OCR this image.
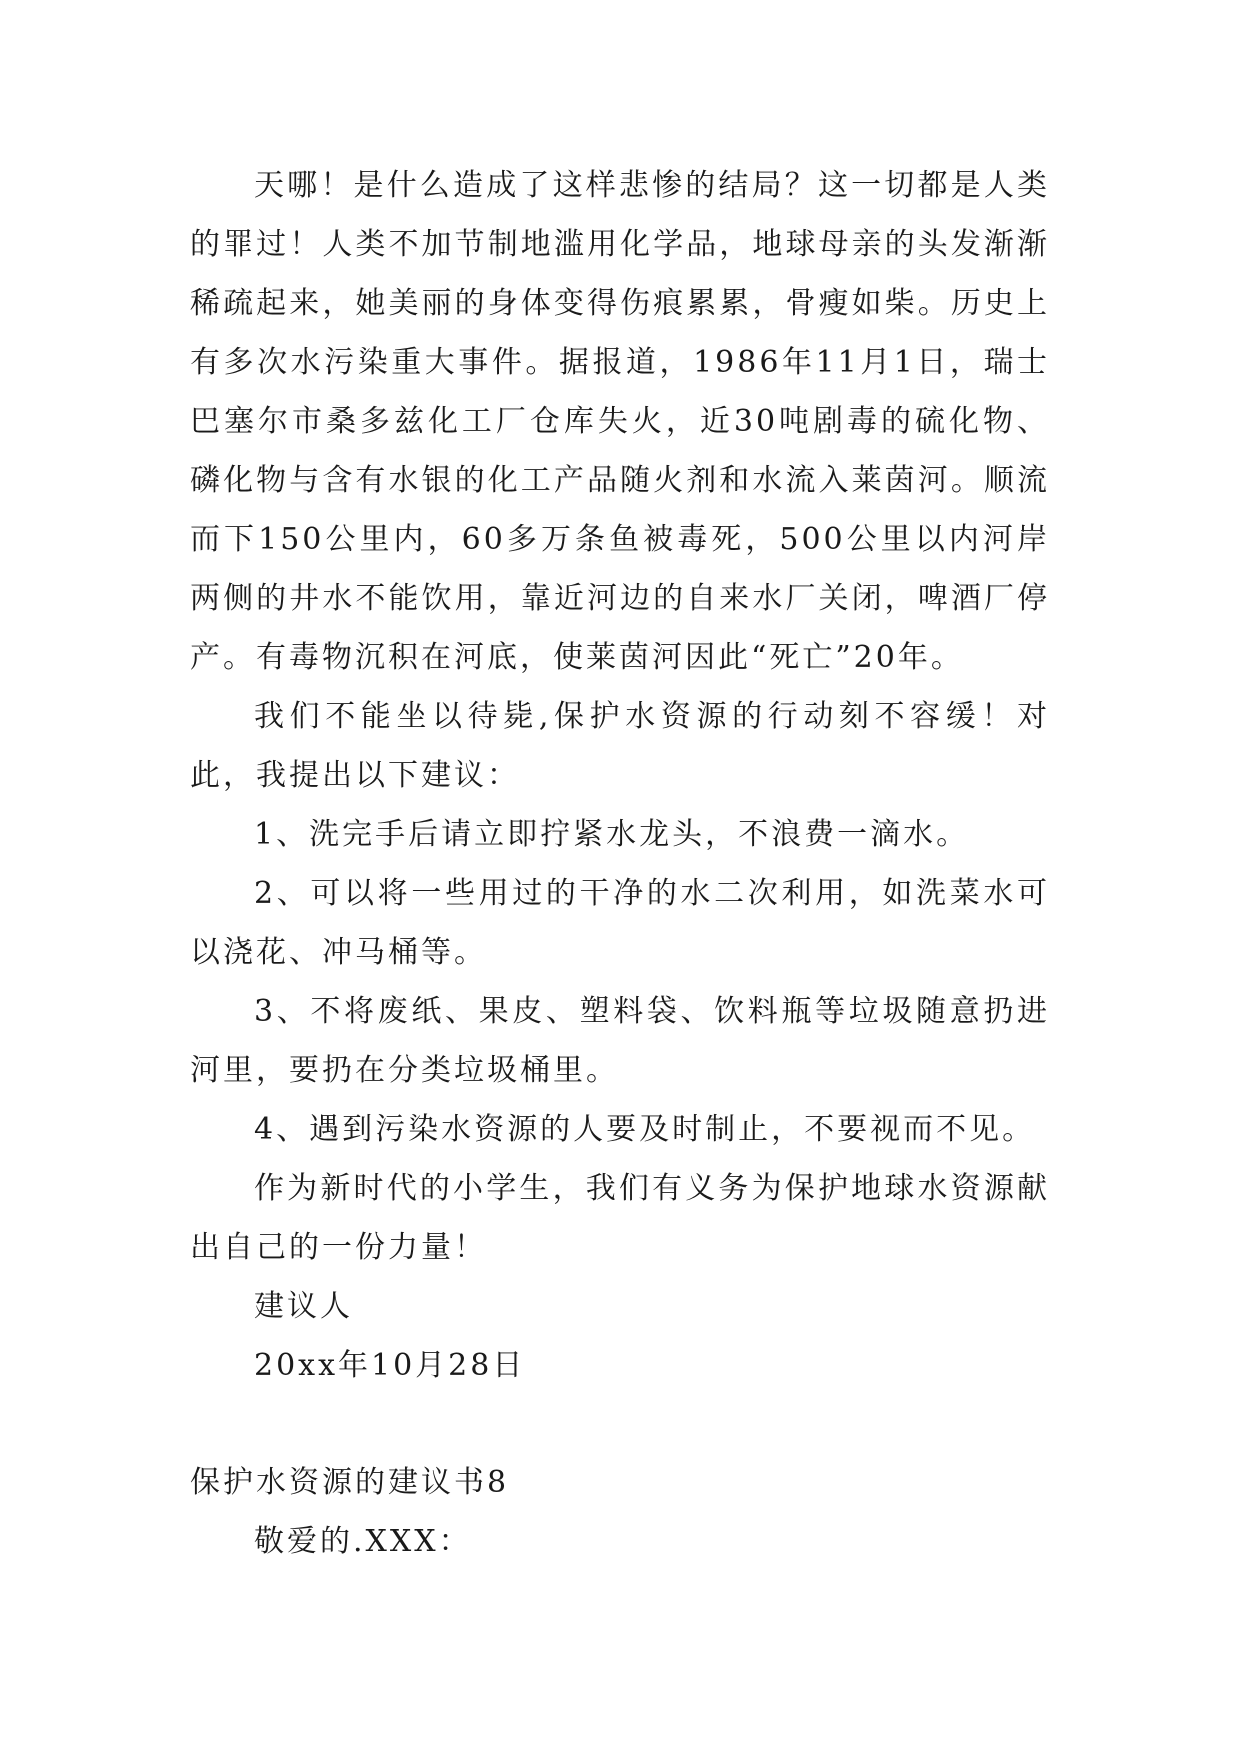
天哪！是什么造成了这样悲惨的结局？这一切都是人类的罪过！人类不加节制地滥用化学品，地球母亲的头发渐渐稀疏起来，她美丽的身体变得伤痕累累，骨瘦如柴。历史上有多次水污染重大事件。据报道，1986年11月1日，瑞士巴塞尔市桑多兹化工厂仓库失火，近30吨剧毒的硫化物、磷化物与含有水银的化工产品随火剂和水流入莱茵河。顺流而下150公里内，60多万条鱼被毒死，500公里以内河岸两侧的井水不能饮用，靠近河边的自来水厂关闭，啤酒厂停产。有毒物沉积在河底，使莱茵河因此“死亡”20年。

我们不能坐以待毙,保护水资源的行动刻不容缓！对此，我提出以下建议：

1、洗完手后请立即拧紧水龙头，不浪费一滴水。

2、可以将一些用过的干净的水二次利用，如洗菜水可以浇花、冲马桶等。

3、不将废纸、果皮、塑料袋、饮料瓶等垃圾随意扔进河里，要扔在分类垃圾桶里。

4、遇到污染水资源的人要及时制止，不要视而不见。

作为新时代的小学生，我们有义务为保护地球水资源献出自己的一份力量！

建议人

20xx年10月28日

保护水资源的建议书8

敬爱的.XXX：
